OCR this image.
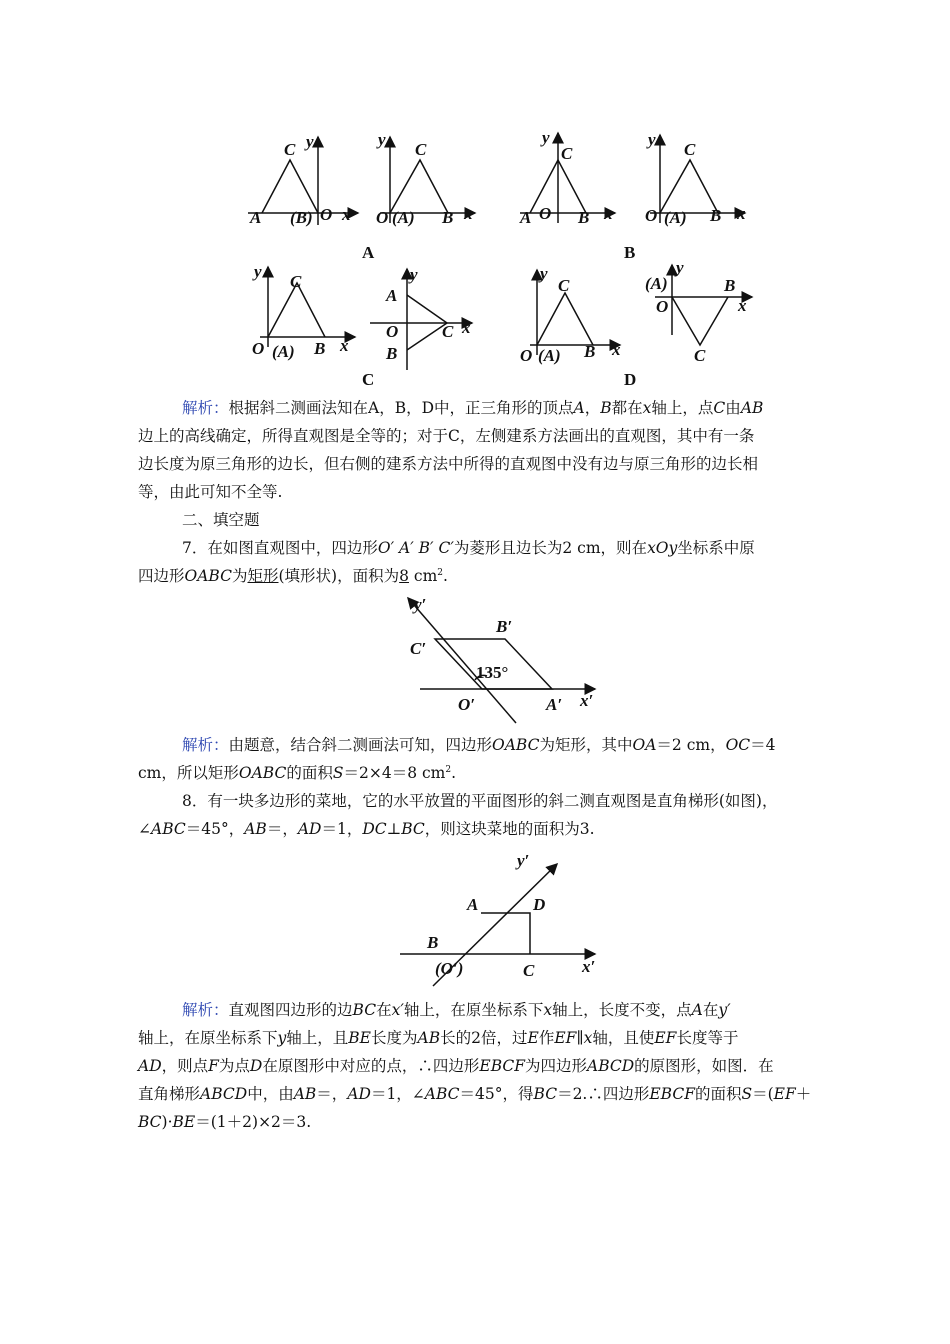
C y
A (B) O x
y
C
O (A) B x
y
C
A O B x
y
C
O (A) B x
A	B
y
C
O (A) B x
A
y
O	C x
B
C
y
C
O (A) B x
(A)
y
B
O	x
C
D
解析：根据斜二测画法知在A，B，D中，正三角形的顶点A，B都在x轴上，点C由AB
边上的高线确定，所得直观图是全等的；对于C，左侧建系方法画出的直观图，其中有一条
边长度为原三角形的边长，但右侧的建系方法中所得的直观图中没有边与原三角形的边长相
等，由此可知不全等.
二、填空题
7．在如图直观图中，四边形O′ A′ B′ C′为菱形且边长为2 cm，则在xOy坐标系中原
四边形OABC为矩形(填形状)，面积为8 $cm^2$.
y′
B′
C′
135°
O′	A′ x′
解析：由题意，结合斜二测画法可知，四边形OABC为矩形，其中OA＝2 cm，OC＝4
cm，所以矩形OABC的面积S＝2×4＝8 $cm^2$.
8．有一块多边形的菜地，它的水平放置的平面图形的斜二测直观图是直角梯形(如图)，
∠ABC＝45°，AB＝，AD＝1，DC⊥BC，则这块菜地的面积为3.
y′
A	D
B
(O′)	C	x′
解析：直观图四边形的边BC在x′轴上，在原坐标系下x轴上，长度不变，点A在y′
轴上，在原坐标系下y轴上，且BE长度为AB长的2倍，过E作EF∥x轴，且使EF长度等于
AD，则点F为点D在原图形中对应的点，∴四边形EBCF为四边形ABCD的原图形，如图．在
直角梯形ABCD中，由AB＝，AD＝1，∠ABC＝45°，得BC＝2.∴四边形EBCF的面积S＝(EF＋
BC)·BE＝(1＋2)×2＝3.
